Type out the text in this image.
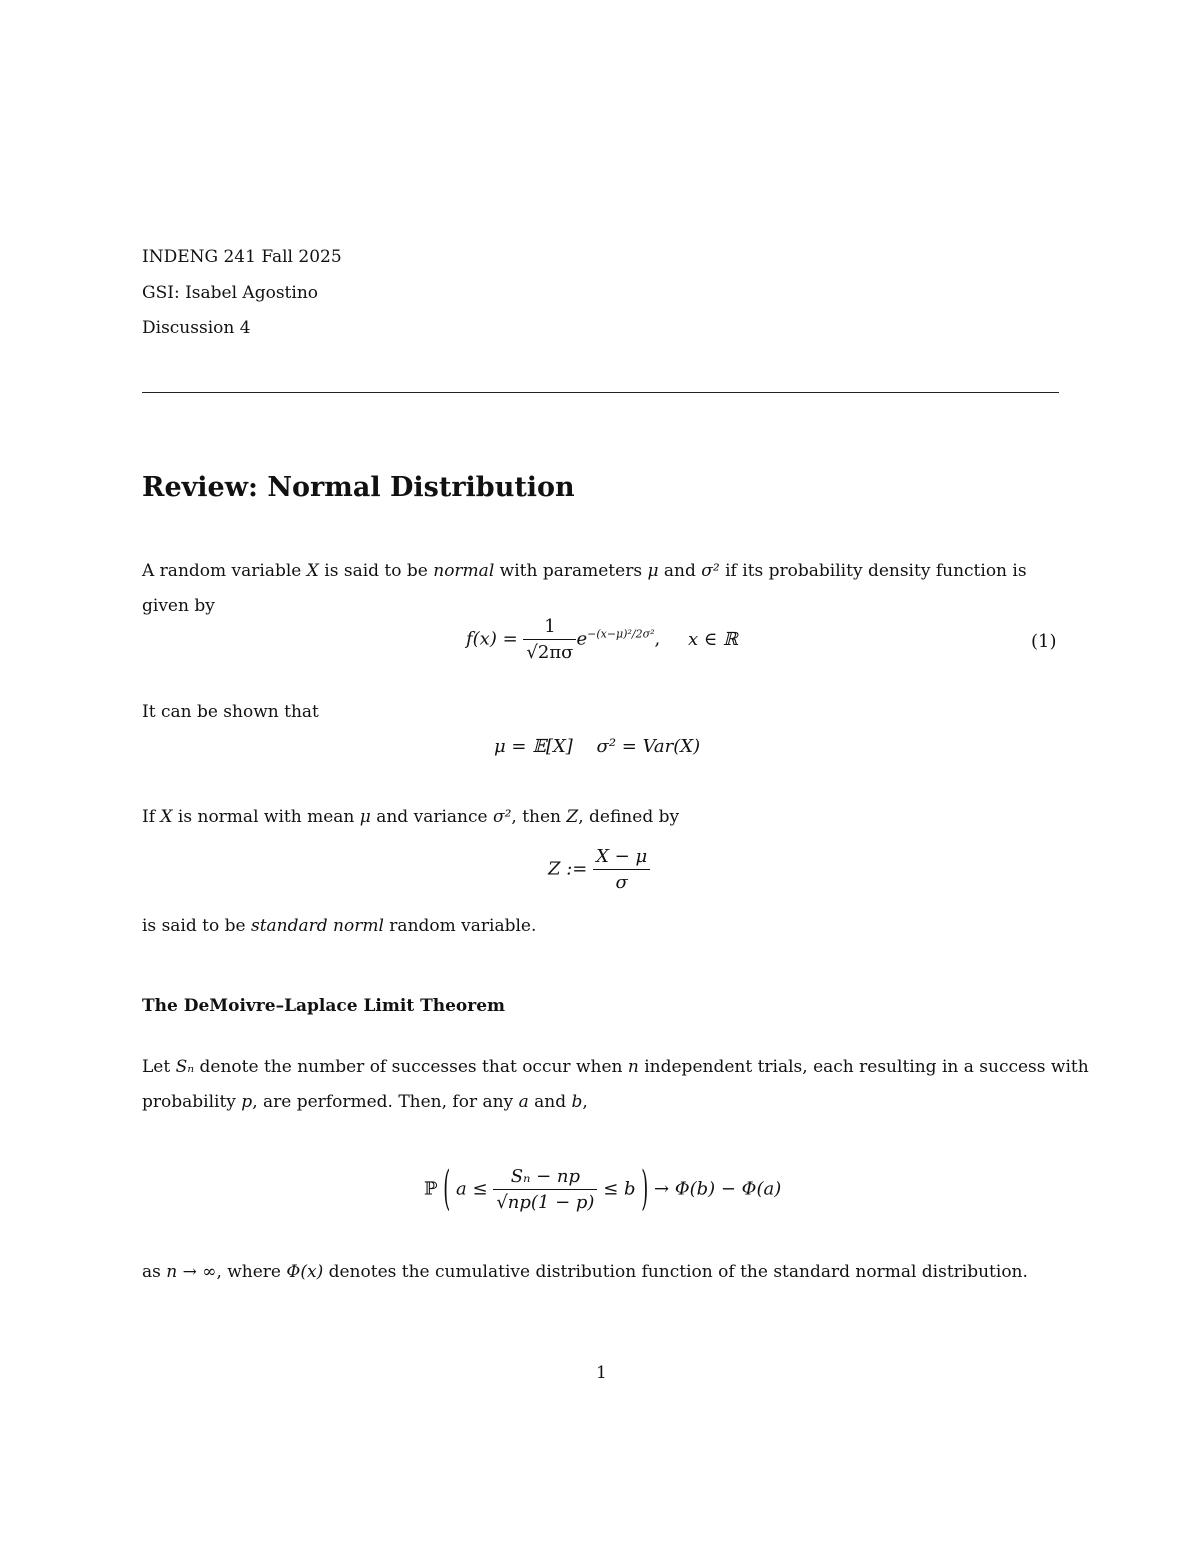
INDENG 241 Fall 2025
GSI: Isabel Agostino
Discussion 4
Review: Normal Distribution
A random variable X is said to be normal with parameters μ and σ² if its probability density function is
given by
$f(x) = \frac{1}{√2\pi\sigma} e^{-(x-\mu)^2/2\sigma^2}$, x ∈ ℝ	(1)
It can be shown that
μ = 𝔼[X] σ² = Var(X)
If X is normal with mean μ and variance σ², then Z, defined by
Z := $\frac{X - \mu}{\sigma}$
is said to be standard norml random variable.
The DeMoivre–Laplace Limit Theorem
Let Sₙ denote the number of successes that occur when n independent trials, each resulting in a success with
probability p, are performed. Then, for any a and b,
ℙ ( $a \le \frac{\text{Sₙ − np}}{√np(1 - p)} \le b$ ) → Φ(b) − Φ(a)
as n → ∞, where Φ(x) denotes the cumulative distribution function of the standard normal distribution.
1
